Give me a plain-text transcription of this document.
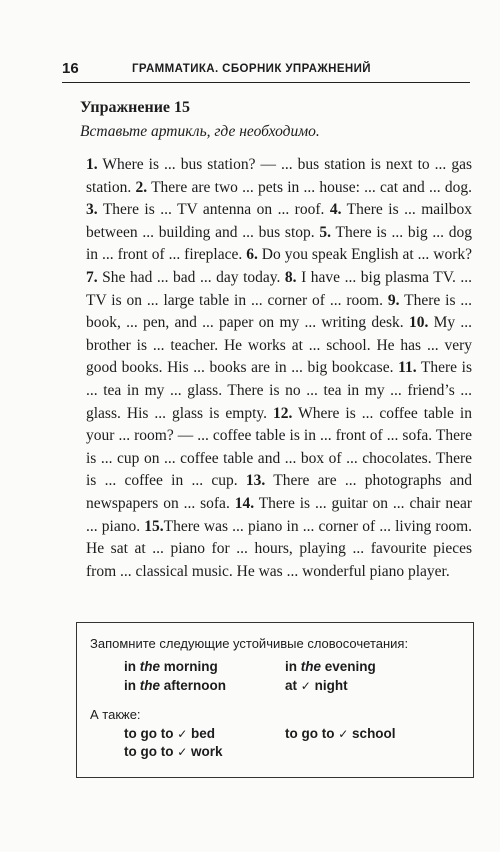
16	ГРАММАТИКА. СБОРНИК УПРАЖНЕНИЙ
Упражнение 15
Вставьте артикль, где необходимо.
1. Where is ... bus station? — ... bus station is next to ... gas station. 2. There are two ... pets in ... house: ... cat and ... dog. 3. There is ... TV antenna on ... roof. 4. There is ... mailbox between ... building and ... bus stop. 5. There is ... big ... dog in ... front of ... fireplace. 6. Do you speak English at ... work? 7. She had ... bad ... day today. 8. I have ... big plasma TV. ... TV is on ... large table in ... corner of ... room. 9. There is ... book, ... pen, and ... paper on my ... writing desk. 10. My ... brother is ... teacher. He works at ... school. He has ... very good books. His ... books are in ... big bookcase. 11. There is ... tea in my ... glass. There is no ... tea in my ... friend’s ... glass. His ... glass is empty. 12. Where is ... coffee table in your ... room? — ... coffee table is in ... front of ... sofa. There is ... cup on ... coffee table and ... box of ... chocolates. There is ... coffee in ... cup. 13. There are ... photographs and newspapers on ... sofa. 14. There is ... guitar on ... chair near ... piano. 15.There was ... piano in ... corner of ... living room. He sat at ... piano for ... hours, playing ... favourite pieces from ... classical music. He was ... wonderful piano player.
Запомните следующие устойчивые словосочетания:
in the morning	in the evening
in the afternoon	at ✓ night
А также:
to go to ✓ bed	to go to ✓ school
to go to ✓ work
